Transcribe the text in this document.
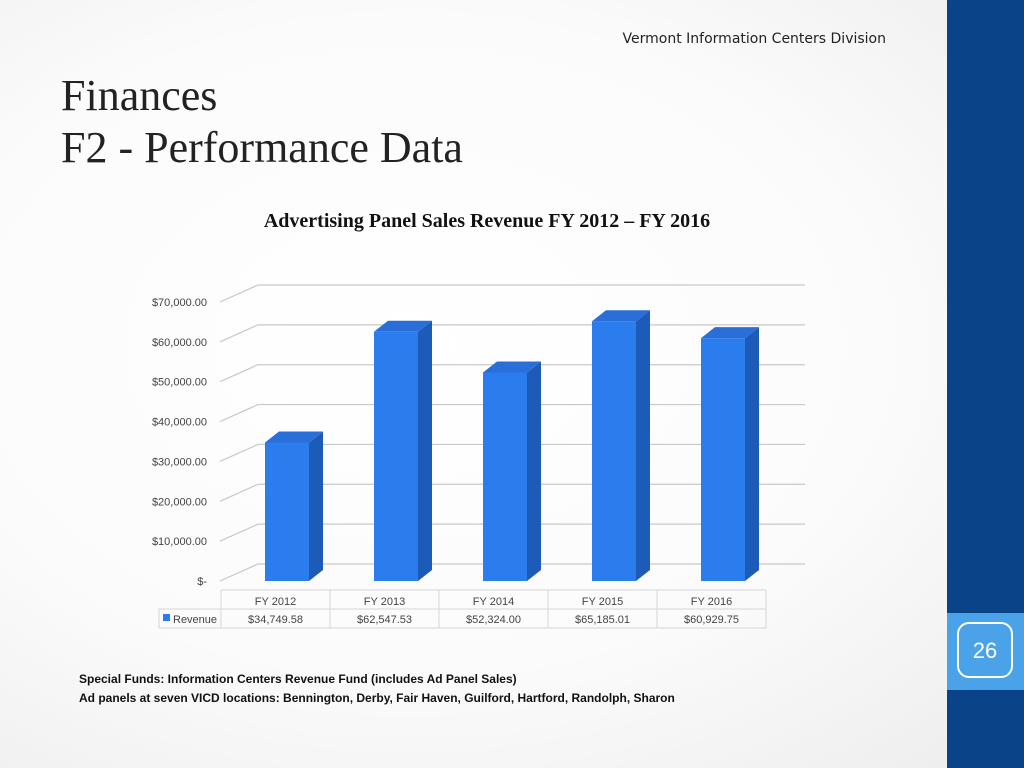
26
Vermont Information Centers Division
Finances
F2 - Performance Data
Advertising Panel Sales Revenue FY 2012 – FY 2016
$-
$10,000.00
$20,000.00
$30,000.00
$40,000.00
$50,000.00
$60,000.00
$70,000.00
FY 2012
$34,749.58
FY 2013
$62,547.53
FY 2014
$52,324.00
FY 2015
$65,185.01
FY 2016
$60,929.75
Revenue
Special Funds: Information Centers Revenue Fund (includes Ad Panel Sales)
Ad panels at seven VICD locations: Bennington, Derby, Fair Haven, Guilford, Hartford, Randolph, Sharon
